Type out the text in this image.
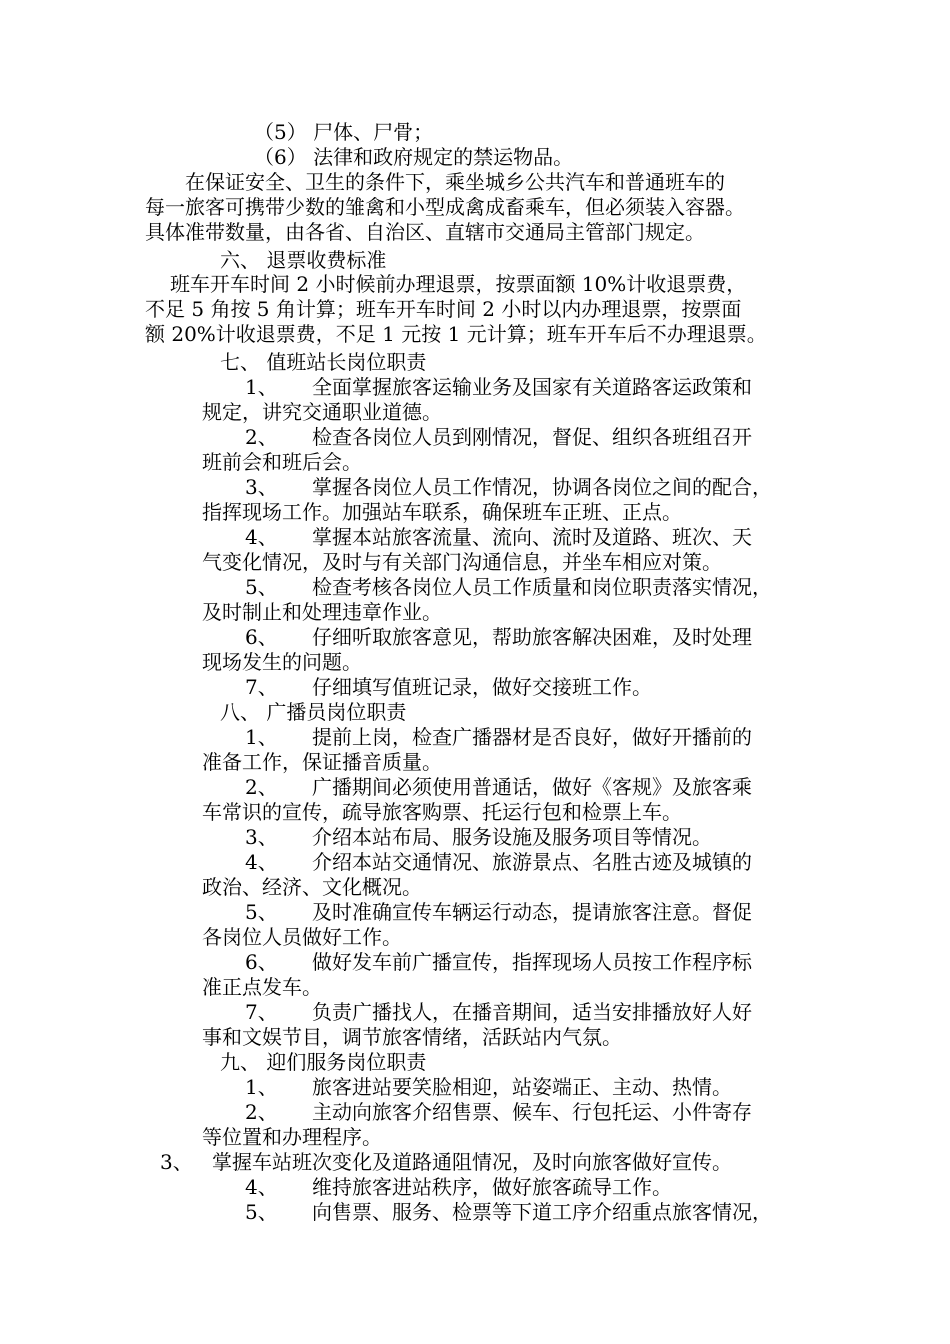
（5） 尸体、尸骨；
（6） 法律和政府规定的禁运物品。
在保证安全、卫生的条件下，乘坐城乡公共汽车和普通班车的
每一旅客可携带少数的雏禽和小型成禽成畜乘车，但必须装入容器。
具体准带数量，由各省、自治区、直辖市交通局主管部门规定。
六、 退票收费标准
班车开车时间 2 小时候前办理退票，按票面额 10%计收退票费，
不足 5 角按 5 角计算；班车开车时间 2 小时以内办理退票，按票面
额 20%计收退票费，不足 1 元按 1 元计算；班车开车后不办理退票。
七、 值班站长岗位职责
1、 全面掌握旅客运输业务及国家有关道路客运政策和
规定，讲究交通职业道德。
2、 检查各岗位人员到刚情况，督促、组织各班组召开
班前会和班后会。
3、 掌握各岗位人员工作情况，协调各岗位之间的配合，
指挥现场工作。加强站车联系，确保班车正班、正点。
4、 掌握本站旅客流量、流向、流时及道路、班次、天
气变化情况，及时与有关部门沟通信息，并坐车相应对策。
5、 检查考核各岗位人员工作质量和岗位职责落实情况，
及时制止和处理违章作业。
6、 仔细听取旅客意见，帮助旅客解决困难，及时处理
现场发生的问题。
7、 仔细填写值班记录，做好交接班工作。
八、 广播员岗位职责
1、 提前上岗，检查广播器材是否良好，做好开播前的
准备工作，保证播音质量。
2、 广播期间必须使用普通话，做好《客规》及旅客乘
车常识的宣传，疏导旅客购票、托运行包和检票上车。
3、 介绍本站布局、服务设施及服务项目等情况。
4、 介绍本站交通情况、旅游景点、名胜古迹及城镇的
政治、经济、文化概况。
5、 及时准确宣传车辆运行动态，提请旅客注意。督促
各岗位人员做好工作。
6、 做好发车前广播宣传，指挥现场人员按工作程序标
准正点发车。
7、 负责广播找人，在播音期间，适当安排播放好人好
事和文娱节目，调节旅客情绪，活跃站内气氛。
九、 迎们服务岗位职责
1、 旅客进站要笑脸相迎，站姿端正、主动、热情。
2、 主动向旅客介绍售票、候车、行包托运、小件寄存
等位置和办理程序。
3、 掌握车站班次变化及道路通阻情况，及时向旅客做好宣传。
4、 维持旅客进站秩序，做好旅客疏导工作。
5、 向售票、服务、检票等下道工序介绍重点旅客情况，
